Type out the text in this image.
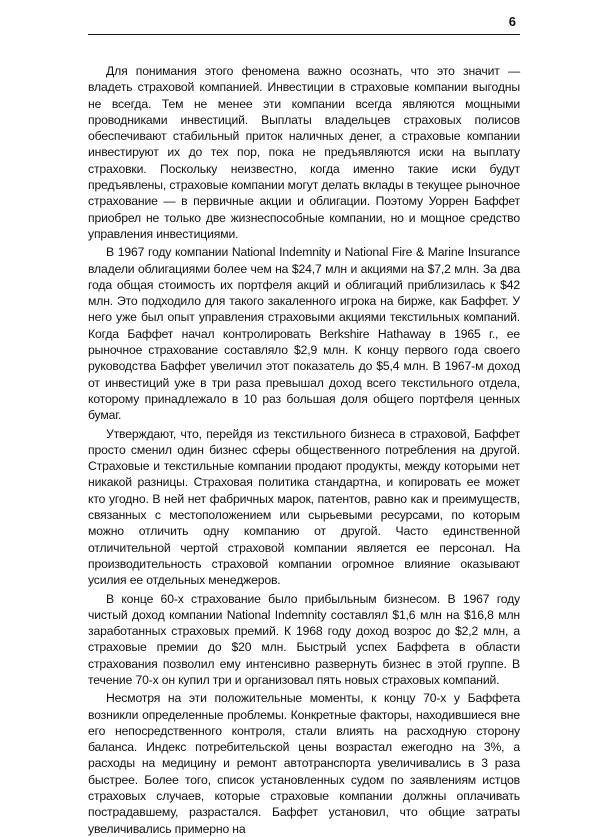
6

Для понимания этого феномена важно осознать, что это значит — владеть страховой компанией. Инвестиции в страховые компании выгодны не всегда. Тем не менее эти компании всегда являются мощными проводниками инвестиций. Выплаты владельцев страховых полисов обеспечивают стабильный приток наличных денег, а страховые компании инвестируют их до тех пор, пока не предъявляются иски на выплату страховки. Поскольку неизвестно, когда именно такие иски будут предъявлены, страховые компании могут делать вклады в текущее рыночное страхование — в первичные акции и облигации. Поэтому Уоррен Баффет приобрел не только две жизнеспособные компании, но и мощное средство управления инвестициями.

В 1967 году компании National Indemnity и National Fire & Marine Insurance владели облигациями более чем на $24,7 млн и акциями на $7,2 млн. За два года общая стоимость их портфеля акций и облигаций приблизилась к $42 млн. Это подходило для такого закаленного игрока на бирже, как Баффет. У него уже был опыт управления страховыми акциями текстильных компаний. Когда Баффет начал контролировать Berkshire Hathaway в 1965 г., ее рыночное страхование составляло $2,9 млн. К концу первого года своего руководства Баффет увеличил этот показатель до $5,4 млн. В 1967-м доход от инвестиций уже в три раза превышал доход всего текстильного отдела, которому принадлежало в 10 раз большая доля общего портфеля ценных бумаг.

Утверждают, что, перейдя из текстильного бизнеса в страховой, Баффет просто сменил один бизнес сферы общественного потребления на другой. Страховые и текстильные компании продают продукты, между которыми нет никакой разницы. Страховая политика стандартна, и копировать ее может кто угодно. В ней нет фабричных марок, патентов, равно как и преимуществ, связанных с местоположением или сырьевыми ресурсами, по которым можно отличить одну компанию от другой. Часто единственной отличительной чертой страховой компании является ее персонал. На производительность страховой компании огромное влияние оказывают усилия ее отдельных менеджеров.

В конце 60-х страхование было прибыльным бизнесом. В 1967 году чистый доход компании National Indemnity составлял $1,6 млн на $16,8 млн заработанных страховых премий. К 1968 году доход возрос до $2,2 млн, а страховые премии до $20 млн. Быстрый успех Баффета в области страхования позволил ему интенсивно развернуть бизнес в этой группе. В течение 70-х он купил три и организовал пять новых страховых компаний.

Несмотря на эти положительные моменты, к концу 70-х у Баффета возникли определенные проблемы. Конкретные факторы, находившиеся вне его непосредственного контроля, стали влиять на расходную сторону баланса. Индекс потребительской цены возрастал ежегодно на 3%, а расходы на медицину и ремонт автотранспорта увеличивались в 3 раза быстрее. Более того, список установленных судом по заявлениям истцов страховых случаев, которые страховые компании должны оплачивать пострадавшему, разрастался. Баффет установил, что общие затраты увеличивались примерно на
